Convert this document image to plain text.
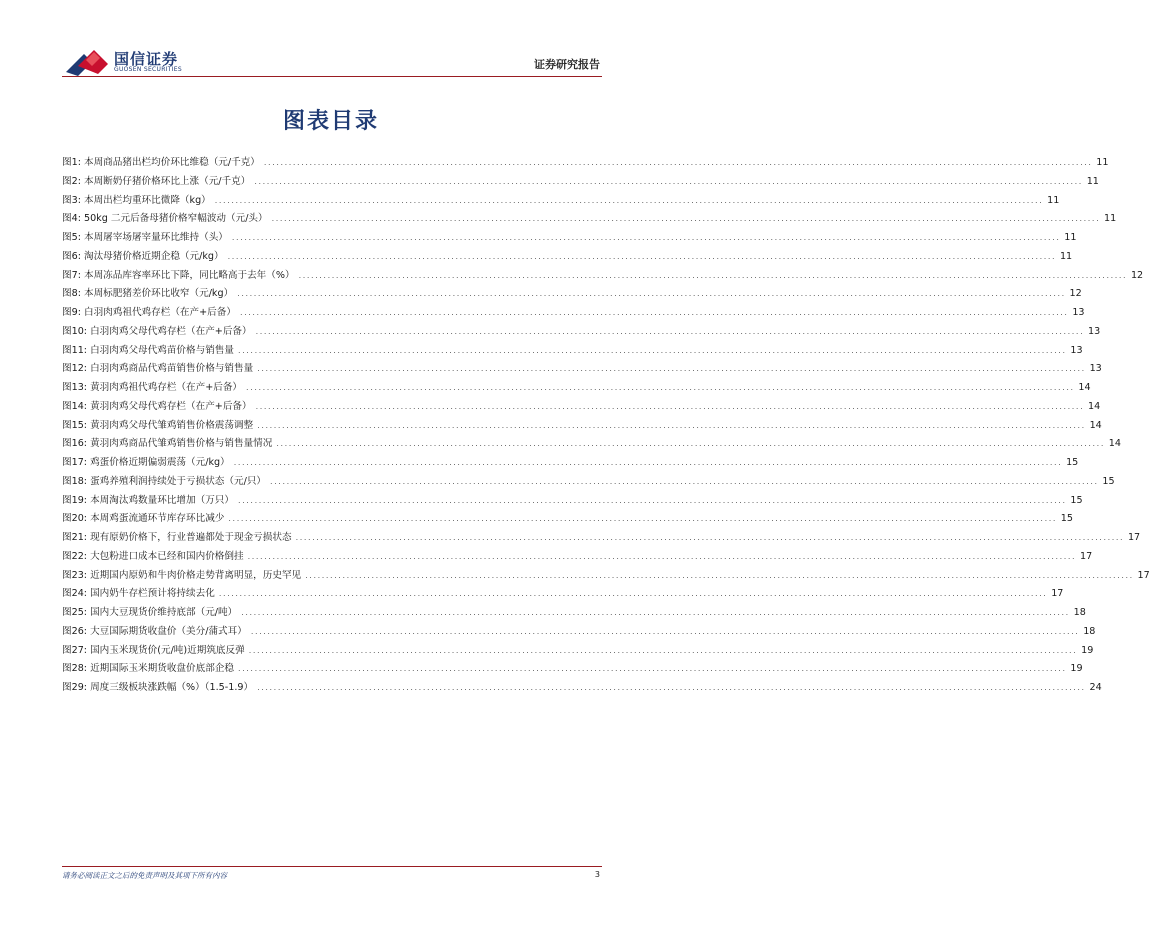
国信证券
GUOSEN SECURITIES	证券研究报告
图表目录
图1: 本周商品猪出栏均价环比维稳（元/千克） ........................................................................................................................................................................................................ 11
图2: 本周断奶仔猪价格环比上涨（元/千克） ........................................................................................................................................................................................................ 11
图3: 本周出栏均重环比微降（kg） ........................................................................................................................................................................................................ 11
图4: 50kg 二元后备母猪价格窄幅波动（元/头） ........................................................................................................................................................................................................ 11
图5: 本周屠宰场屠宰量环比维持（头） ........................................................................................................................................................................................................ 11
图6: 淘汰母猪价格近期企稳（元/kg） ........................................................................................................................................................................................................ 11
图7: 本周冻品库容率环比下降，同比略高于去年（%） ........................................................................................................................................................................................................ 12
图8: 本周标肥猪差价环比收窄（元/kg） ........................................................................................................................................................................................................ 12
图9: 白羽肉鸡祖代鸡存栏（在产+后备） ........................................................................................................................................................................................................ 13
图10: 白羽肉鸡父母代鸡存栏（在产+后备） ........................................................................................................................................................................................................ 13
图11: 白羽肉鸡父母代鸡苗价格与销售量 ........................................................................................................................................................................................................ 13
图12: 白羽肉鸡商品代鸡苗销售价格与销售量 ........................................................................................................................................................................................................ 13
图13: 黄羽肉鸡祖代鸡存栏（在产+后备） ........................................................................................................................................................................................................ 14
图14: 黄羽肉鸡父母代鸡存栏（在产+后备） ........................................................................................................................................................................................................ 14
图15: 黄羽肉鸡父母代雏鸡销售价格震荡调整 ........................................................................................................................................................................................................ 14
图16: 黄羽肉鸡商品代雏鸡销售价格与销售量情况 ........................................................................................................................................................................................................ 14
图17: 鸡蛋价格近期偏弱震荡（元/kg） ........................................................................................................................................................................................................ 15
图18: 蛋鸡养殖利润持续处于亏损状态（元/只） ........................................................................................................................................................................................................ 15
图19: 本周淘汰鸡数量环比增加（万只） ........................................................................................................................................................................................................ 15
图20: 本周鸡蛋流通环节库存环比减少 ........................................................................................................................................................................................................ 15
图21: 现有原奶价格下，行业普遍都处于现金亏损状态 ........................................................................................................................................................................................................ 17
图22: 大包粉进口成本已经和国内价格倒挂 ........................................................................................................................................................................................................ 17
图23: 近期国内原奶和牛肉价格走势背离明显，历史罕见 ........................................................................................................................................................................................................ 17
图24: 国内奶牛存栏预计将持续去化 ........................................................................................................................................................................................................ 17
图25: 国内大豆现货价维持底部（元/吨） ........................................................................................................................................................................................................ 18
图26: 大豆国际期货收盘价（美分/蒲式耳） ........................................................................................................................................................................................................ 18
图27: 国内玉米现货价(元/吨)近期筑底反弹 ........................................................................................................................................................................................................ 19
图28: 近期国际玉米期货收盘价底部企稳 ........................................................................................................................................................................................................ 19
图29: 周度三级板块涨跌幅（%）（1.5-1.9） ........................................................................................................................................................................................................ 24
请务必阅读正文之后的免责声明及其项下所有内容	3
